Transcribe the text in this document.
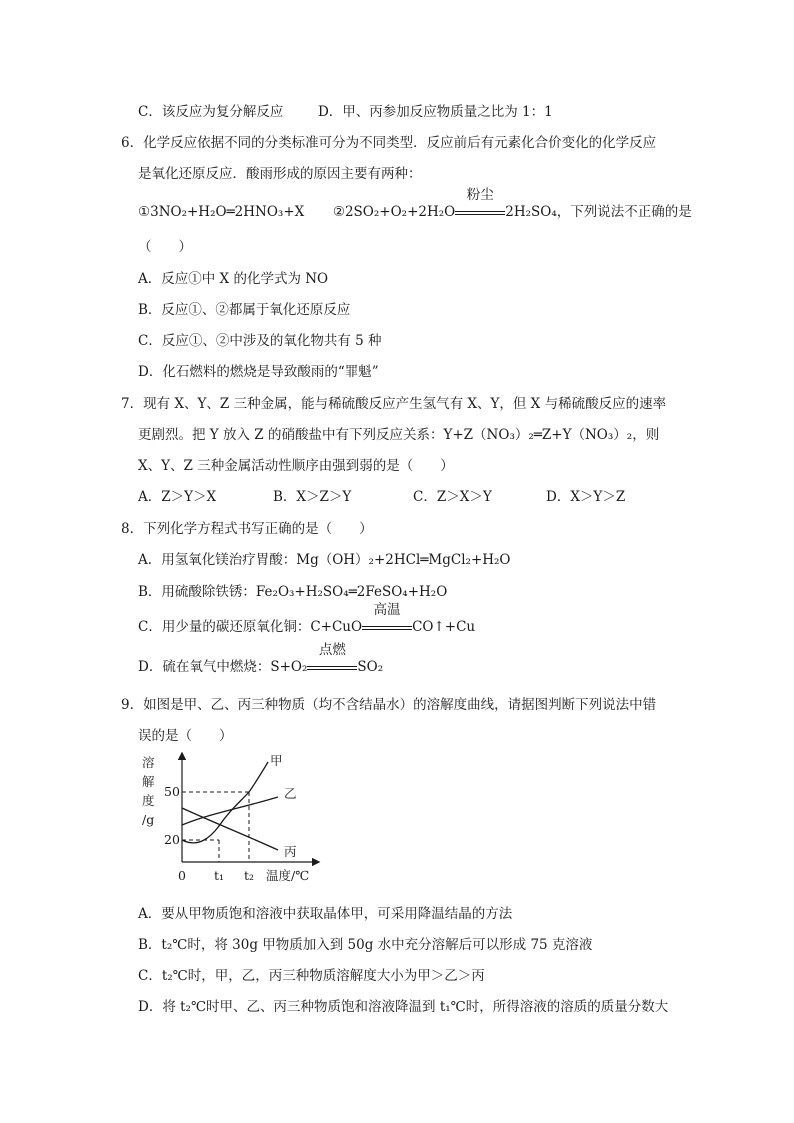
C．该反应为复分解反应	D．甲、丙参加反应物质量之比为 1：1
6．化学反应依据不同的分类标准可分为不同类型．反应前后有元素化合价变化的化学反应
是氧化还原反应．酸雨形成的原因主要有两种：
①3NO₂+H₂O═2HNO₃+X ②2SO₂+O₂+2H₂O
粉尘
2H₂SO₄，下列说法不正确的是
（　　）
A．反应①中 X 的化学式为 NO
B．反应①、②都属于氧化还原反应
C．反应①、②中涉及的氧化物共有 5 种
D．化石燃料的燃烧是导致酸雨的“罪魁”
7．现有 X、Y、Z 三种金属，能与稀硫酸反应产生氢气有 X、Y，但 X 与稀硫酸反应的速率
更剧烈。把 Y 放入 Z 的硝酸盐中有下列反应关系：Y+Z（NO₃）₂═Z+Y（NO₃）₂，则
X、Y、Z 三种金属活动性顺序由强到弱的是（　　）
A．Z＞Y＞X	B．X＞Z＞Y	C．Z＞X＞Y	D．X＞Y＞Z
8．下列化学方程式书写正确的是（　　）
A．用氢氧化镁治疗胃酸：Mg（OH）₂+2HCl═MgCl₂+H₂O
B．用硫酸除铁锈：Fe₂O₃+H₂SO₄═2FeSO₄+H₂O
C．用少量的碳还原氧化铜：C+CuO
高温
CO↑+Cu
D．硫在氧气中燃烧：S+O₂
点燃
SO₂
9．如图是甲、乙、丙三种物质（均不含结晶水）的溶解度曲线，请据图判断下列说法中错
误的是（　　）
溶
解
度
/g
50
20
0 t₁ t₂ 温度/℃
甲
乙
丙
A．要从甲物质饱和溶液中获取晶体甲，可采用降温结晶的方法
B．t₂℃时，将 30g 甲物质加入到 50g 水中充分溶解后可以形成 75 克溶液
C．t₂℃时，甲，乙，丙三种物质溶解度大小为甲＞乙＞丙
D．将 t₂℃时甲、乙、丙三种物质饱和溶液降温到 t₁℃时，所得溶液的溶质的质量分数大
